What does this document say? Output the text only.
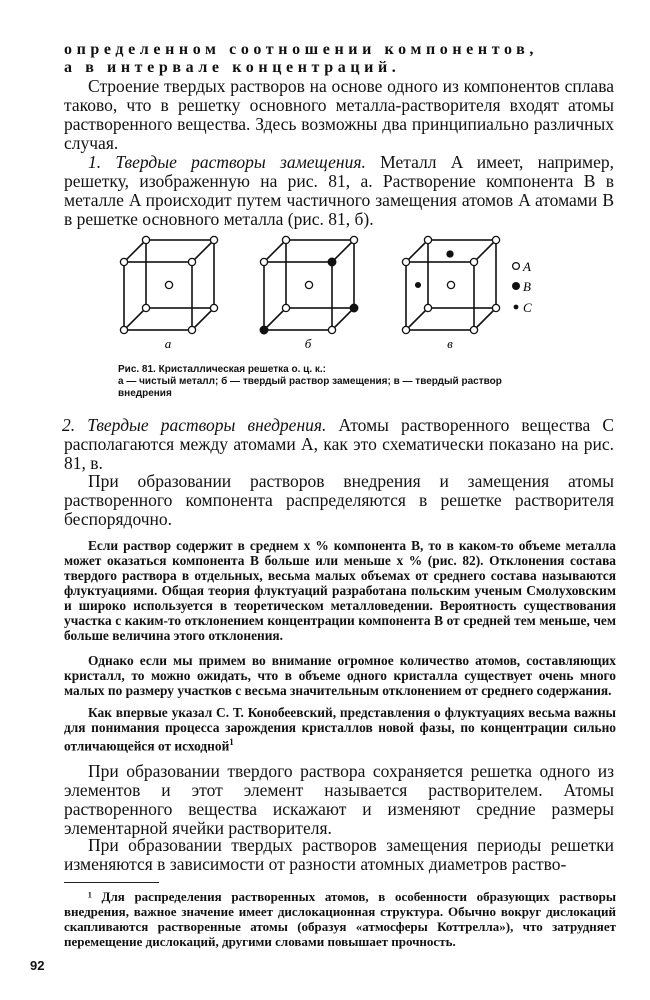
определенном соотношении компонентов,
а в интервале концентраций.
Строение твердых растворов на основе одного из компонентов сплава таково, что в решетку основного металла-растворителя входят атомы растворенного вещества. Здесь возможны два принципиально различных случая.
1. Твердые растворы замещения. Металл A имеет, например, решетку, изображенную на рис. 81, а. Растворение компонента B в металле A происходит путем частичного замещения атомов A атомами B в решетке основного металла (рис. 81, б).
а	б	в
A
B
C
Рис. 81. Кристаллическая решетка о. ц. к.:
а — чистый металл; б — твердый раствор замещения; в — твердый раствор внедрения
2. Твердые растворы внедрения. Атомы растворенного вещества C располагаются между атомами A, как это схематически показано на рис. 81, в.
При образовании растворов внедрения и замещения атомы растворенного компонента распределяются в решетке растворителя беспорядочно.
Если раствор содержит в среднем x % компонента B, то в каком-то объеме металла может оказаться компонента B больше или меньше x % (рис. 82). Отклонения состава твердого раствора в отдельных, весьма малых объемах от среднего состава называются флуктуациями. Общая теория флуктуаций разработана польским ученым Смолуховским и широко используется в теоретическом металловедении. Вероятность существования участка с каким-то отклонением концентрации компонента B от средней тем меньше, чем больше величина этого отклонения.
Однако если мы примем во внимание огромное количество атомов, составляющих кристалл, то можно ожидать, что в объеме одного кристалла существует очень много малых по размеру участков с весьма значительным отклонением от среднего содержания.
Как впервые указал С. Т. Конобеевский, представления о флуктуациях весьма важны для понимания процесса зарождения кристаллов новой фазы, по концентрации сильно отличающейся от исходной$^1$
При образовании твердого раствора сохраняется решетка одного из элементов и этот элемент называется растворителем. Атомы растворенного вещества искажают и изменяют средние размеры элементарной ячейки растворителя.
При образовании твердых растворов замещения периоды решетки изменяются в зависимости от разности атомных диаметров раство-
¹ Для распределения растворенных атомов, в особенности образующих растворы внедрения, важное значение имеет дислокационная структура. Обычно вокруг дислокаций скапливаются растворенные атомы (образуя «атмосферы Коттрелла»), что затрудняет перемещение дислокаций, другими словами повышает прочность.
92
